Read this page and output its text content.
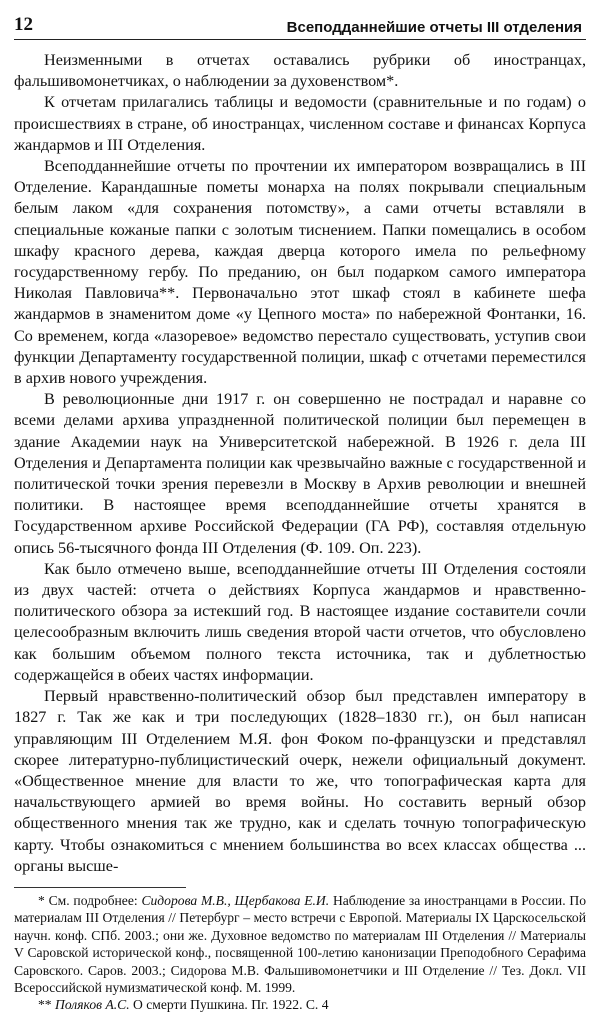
12	Всеподданнейшие отчеты III отделения

Неизменными в отчетах оставались рубрики об иностранцах, фальшивомонетчиках, о наблюдении за духовенством*.

К отчетам прилагались таблицы и ведомости (сравнительные и по годам) о происшествиях в стране, об иностранцах, численном составе и финансах Корпуса жандармов и III Отделения.

Всеподданнейшие отчеты по прочтении их императором возвращались в III Отделение. Карандашные пометы монарха на полях покрывали специальным белым лаком «для сохранения потомству», а сами отчеты вставляли в специальные кожаные папки с золотым тиснением. Папки помещались в особом шкафу красного дерева, каждая дверца которого имела по рельефному государственному гербу. По преданию, он был подарком самого императора Николая Павловича**. Первоначально этот шкаф стоял в кабинете шефа жандармов в знаменитом доме «у Цепного моста» по набережной Фонтанки, 16. Со временем, когда «лазоревое» ведомство перестало существовать, уступив свои функции Департаменту государственной полиции, шкаф с отчетами переместился в архив нового учреждения.

В революционные дни 1917 г. он совершенно не пострадал и наравне со всеми делами архива упраздненной политической полиции был перемещен в здание Академии наук на Университетской набережной. В 1926 г. дела III Отделения и Департамента полиции как чрезвычайно важные с государственной и политической точки зрения перевезли в Москву в Архив революции и внешней политики. В настоящее время всеподданнейшие отчеты хранятся в Государственном архиве Российской Федерации (ГА РФ), составляя отдельную опись 56-тысячного фонда III Отделения (Ф. 109. Оп. 223).

Как было отмечено выше, всеподданнейшие отчеты III Отделения состояли из двух частей: отчета о действиях Корпуса жандармов и нравственно-политического обзора за истекший год. В настоящее издание составители сочли целесообразным включить лишь сведения второй части отчетов, что обусловлено как большим объемом полного текста источника, так и дублетностью содержащейся в обеих частях информации.

Первый нравственно-политический обзор был представлен императору в 1827 г. Так же как и три последующих (1828–1830 гг.), он был написан управляющим III Отделением М.Я. фон Фоком по-французски и представлял скорее литературно-публицистический очерк, нежели официальный документ. «Общественное мнение для власти то же, что топографическая карта для начальствующего армией во время войны. Но составить верный обзор общественного мнения так же трудно, как и сделать точную топографическую карту. Чтобы ознакомиться с мнением большинства во всех классах общества ... органы высше-

* См. подробнее: Сидорова М.В., Щербакова Е.И. Наблюдение за иностранцами в России. По материалам III Отделения // Петербург – место встречи с Европой. Материалы IX Царскосельской научн. конф. СПб. 2003.; они же. Духовное ведомство по материалам III Отделения // Материалы V Саровской исторической конф., посвященной 100-летию канонизации Преподобного Серафима Саровского. Саров. 2003.; Сидорова М.В. Фальшивомонетчики и III Отделение // Тез. Докл. VII Всероссийской нумизматической конф. М. 1999.

** Поляков А.С. О смерти Пушкина. Пг. 1922. С. 4
